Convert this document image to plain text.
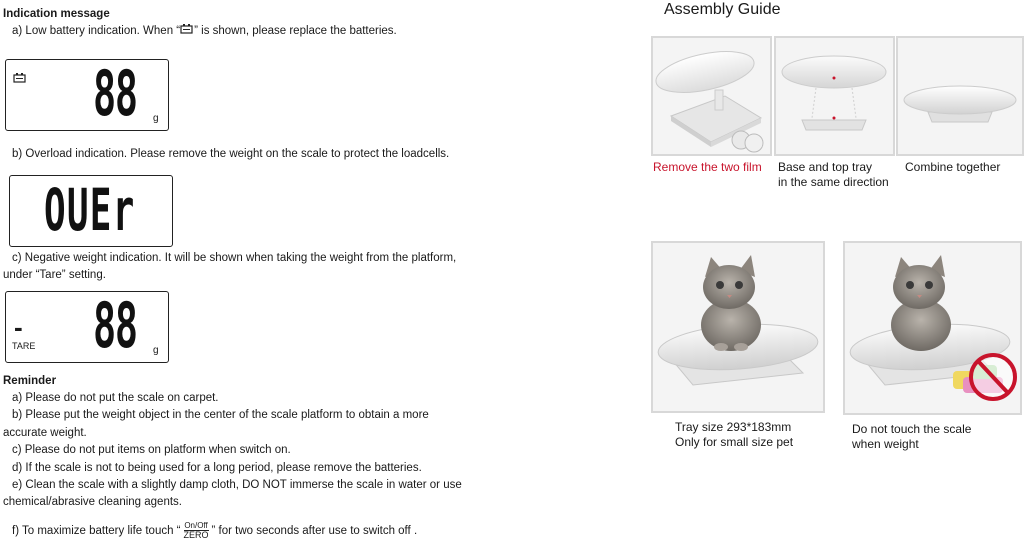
Indication message
a) Low battery indication. When “ ” is shown, please replace the batteries.
88 g
b) Overload indication. Please remove the weight on the scale to protect the loadcells.
OUEr
c) Negative weight indication. It will be shown when taking the weight from the platform,
under “Tare” setting.
-
TARE 88 g
Reminder
a) Please do not put the scale on carpet.
b) Please put the weight object in the center of the scale platform to obtain a more
accurate weight.
c) Please do not put items on platform when switch on.
d) If the scale is not to being used for a long period, please remove the batteries.
e) Clean the scale with a slightly damp cloth, DO NOT immerse the scale in water or use
chemical/abrasive cleaning agents.
f) To maximize battery life touch “ On/Off
ZERO ” for two seconds after use to switch off .
Assembly Guide
Remove the two film Base and top tray
in the same direction
Combine together
Tray size 293*183mm
Only for small size pet
Do not touch the scale
when weight
